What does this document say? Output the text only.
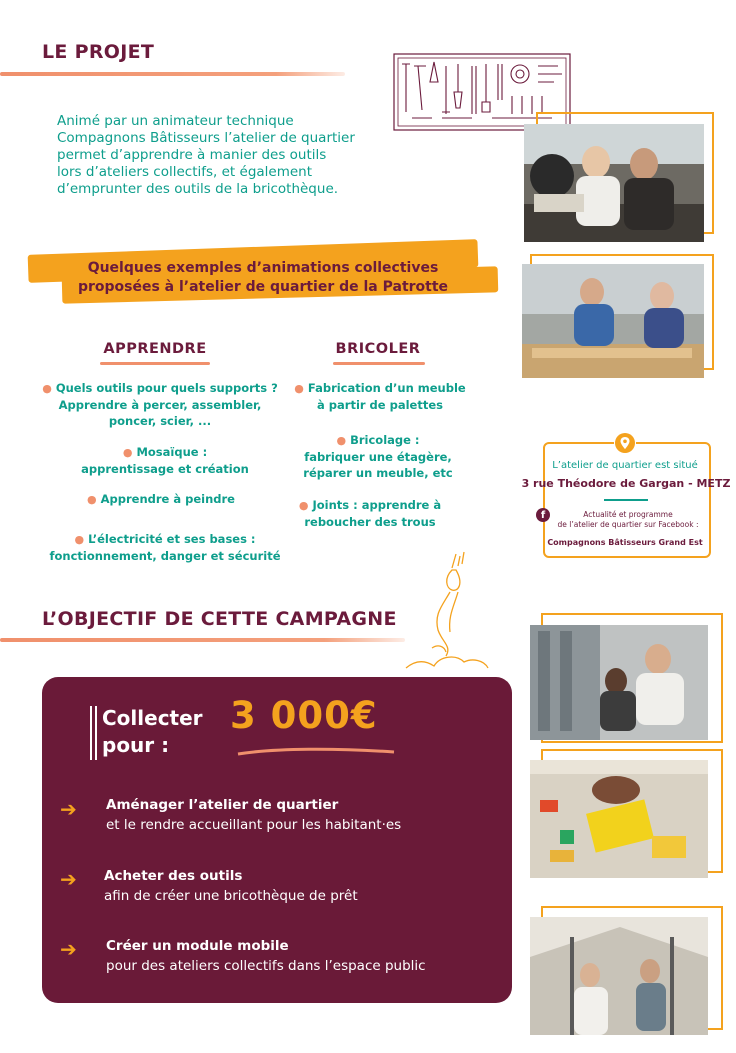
LE PROJET
Animé par un animateur technique
Compagnons Bâtisseurs l’atelier de quartier
permet d’apprendre à manier des outils
lors d’ateliers collectifs, et également
d’emprunter des outils de la bricothèque.
Quelques exemples d’animations collectives
proposées à l’atelier de quartier de la Patrotte
APPRENDRE
● Quels outils pour quels supports ?
Apprendre à percer, assembler,
poncer, scier, ...
● Mosaïque :
apprentissage et création
● Apprendre à peindre
● L’électricité et ses bases :
fonctionnement, danger et sécurité
BRICOLER
● Fabrication d’un meuble
à partir de palettes
● Bricolage :
fabriquer une étagère,
réparer un meuble, etc
● Joints : apprendre à
reboucher des trous
L’atelier de quartier est situé
3 rue Théodore de Gargan - METZ
f	Actualité et programme
de l’atelier de quartier sur Facebook :
Compagnons Bâtisseurs Grand Est
L’OBJECTIF DE CETTE CAMPAGNE
Collecter
pour :
3 000€
➔ Aménager l’atelier de quartier
et le rendre accueillant pour les habitant·es
➔ Acheter des outils
afin de créer une bricothèque de prêt
➔ Créer un module mobile
pour des ateliers collectifs dans l’espace public
